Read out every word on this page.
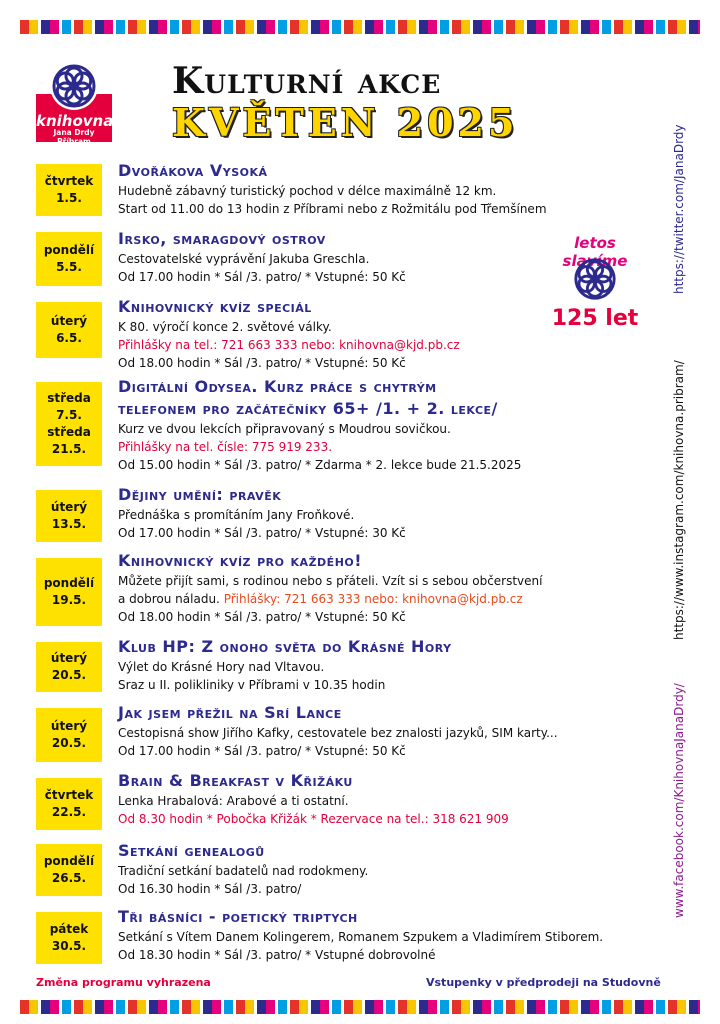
knihovna
Jana Drdy Příbram
Kulturní akce
KVĚTEN 2025
letos slavíme
125 let
https://twitter.com/JanaDrdy
https://www.instagram.com/knihovna.pribram/
www.facebook.com/KnihovnaJanaDrdy/
čtvrtek
1.5.
Dvořákova Vysoká
Hudebně zábavný turistický pochod v délce maximálně 12 km.
Start od 11.00 do 13 hodin z Příbrami nebo z Rožmitálu pod Třemšínem
pondělí
5.5.
Irsko, smaragdový ostrov
Cestovatelské vyprávění Jakuba Greschla.
Od 17.00 hodin * Sál /3. patro/ * Vstupné: 50 Kč
úterý
6.5.
Knihovnický kvíz speciál
K 80. výročí konce 2. světové války.
Přihlášky na tel.: 721 663 333 nebo: knihovna@kjd.pb.cz
Od 18.00 hodin * Sál /3. patro/ * Vstupné: 50 Kč
středa
7.5.
středa
21.5.
Digitální Odysea. Kurz práce s chytrým
telefonem pro začátečníky 65+ /1. + 2. lekce/
Kurz ve dvou lekcích připravovaný s Moudrou sovičkou.
Přihlášky na tel. čísle: 775 919 233.
Od 15.00 hodin * Sál /3. patro/ * Zdarma * 2. lekce bude 21.5.2025
úterý
13.5.
Dějiny umění: pravěk
Přednáška s promítáním Jany Froňkové.
Od 17.00 hodin * Sál /3. patro/ * Vstupné: 30 Kč
pondělí
19.5.
Knihovnický kvíz pro každého!
Můžete přijít sami, s rodinou nebo s přáteli. Vzít si s sebou občerstvení
a dobrou náladu. Přihlášky: 721 663 333 nebo: knihovna@kjd.pb.cz
Od 18.00 hodin * Sál /3. patro/ * Vstupné: 50 Kč
úterý
20.5.
Klub HP: Z onoho světa do Krásné Hory
Výlet do Krásné Hory nad Vltavou.
Sraz u II. polikliniky v Příbrami v 10.35 hodin
úterý
20.5.
Jak jsem přežil na Srí Lance
Cestopisná show Jiřího Kafky, cestovatele bez znalosti jazyků, SIM karty...
Od 17.00 hodin * Sál /3. patro/ * Vstupné: 50 Kč
čtvrtek
22.5.
Brain & Breakfast v Křižáku
Lenka Hrabalová: Arabové a ti ostatní.
Od 8.30 hodin * Pobočka Křižák * Rezervace na tel.: 318 621 909
pondělí
26.5.
Setkání genealogů
Tradiční setkání badatelů nad rodokmeny.
Od 16.30 hodin * Sál /3. patro/
pátek
30.5.
Tři básníci - poetický triptych
Setkání s Vítem Danem Kolingerem, Romanem Szpukem a Vladimírem Stiborem.
Od 18.30 hodin * Sál /3. patro/ * Vstupné dobrovolné
Změna programu vyhrazena	Vstupenky v předprodeji na Studovně
